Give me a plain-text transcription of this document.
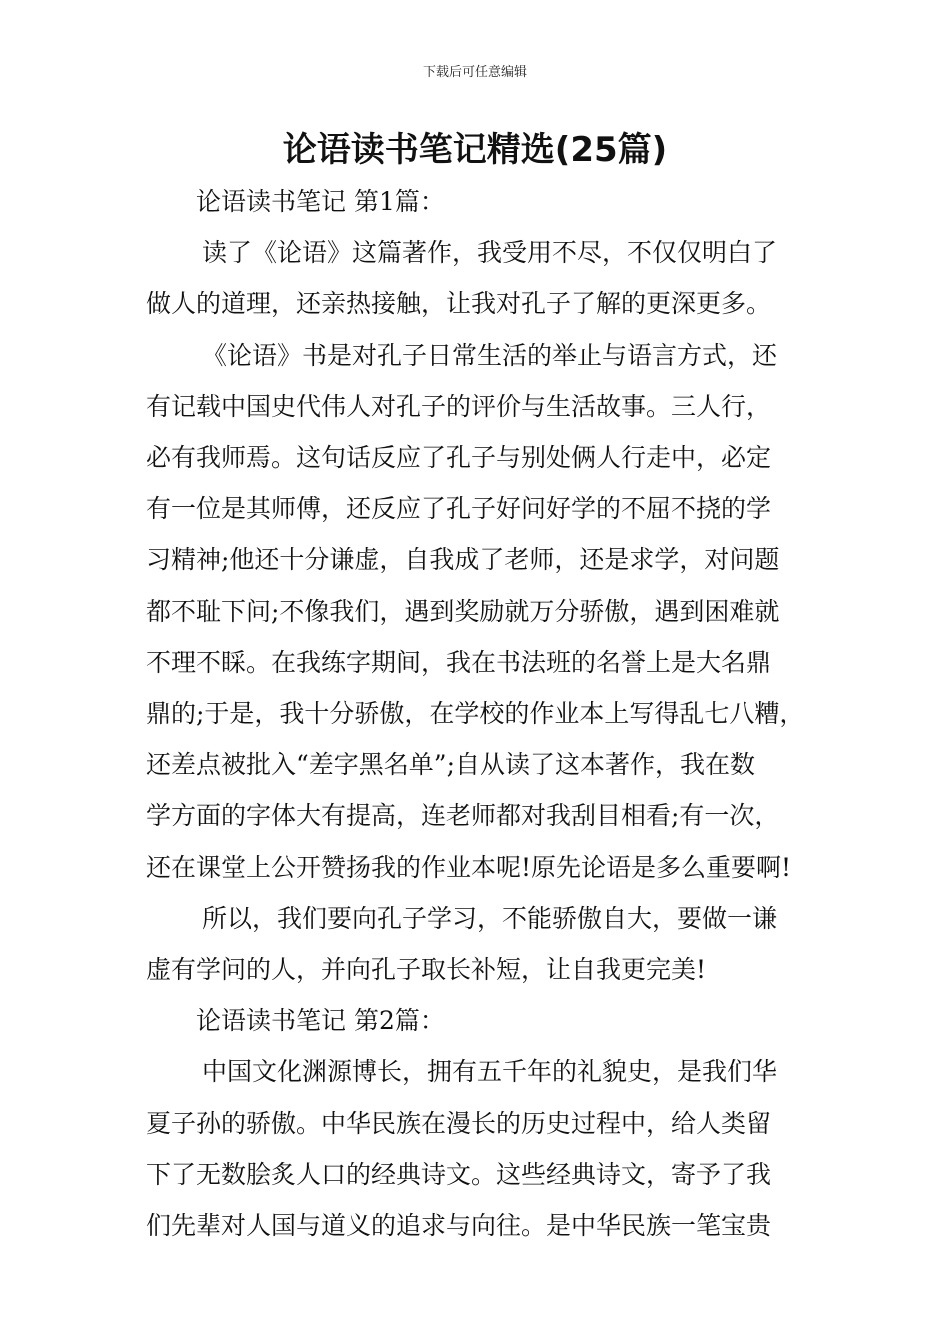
下载后可任意编辑
论语读书笔记精选(25篇)

论语读书笔记 第1篇：

读了《论语》这篇著作，我受用不尽，不仅仅明白了
做人的道理，还亲热接触，让我对孔子了解的更深更多。

《论语》书是对孔子日常生活的举止与语言方式，还
有记载中国史代伟人对孔子的评价与生活故事。三人行，
必有我师焉。这句话反应了孔子与别处俩人行走中，必定
有一位是其师傅，还反应了孔子好问好学的不屈不挠的学
习精神;他还十分谦虚，自我成了老师，还是求学，对问题
都不耻下问;不像我们，遇到奖励就万分骄傲，遇到困难就
不理不睬。在我练字期间，我在书法班的名誉上是大名鼎
鼎的;于是，我十分骄傲，在学校的作业本上写得乱七八糟，
还差点被批入“差字黑名单”;自从读了这本著作，我在数
学方面的字体大有提高，连老师都对我刮目相看;有一次，
还在课堂上公开赞扬我的作业本呢!原先论语是多么重要啊!

所以，我们要向孔子学习，不能骄傲自大，要做一谦
虚有学问的人，并向孔子取长补短，让自我更完美!

论语读书笔记 第2篇：

中国文化渊源博长，拥有五千年的礼貌史，是我们华
夏子孙的骄傲。中华民族在漫长的历史过程中，给人类留
下了无数脍炙人口的经典诗文。这些经典诗文，寄予了我
们先辈对人国与道义的追求与向往。是中华民族一笔宝贵
